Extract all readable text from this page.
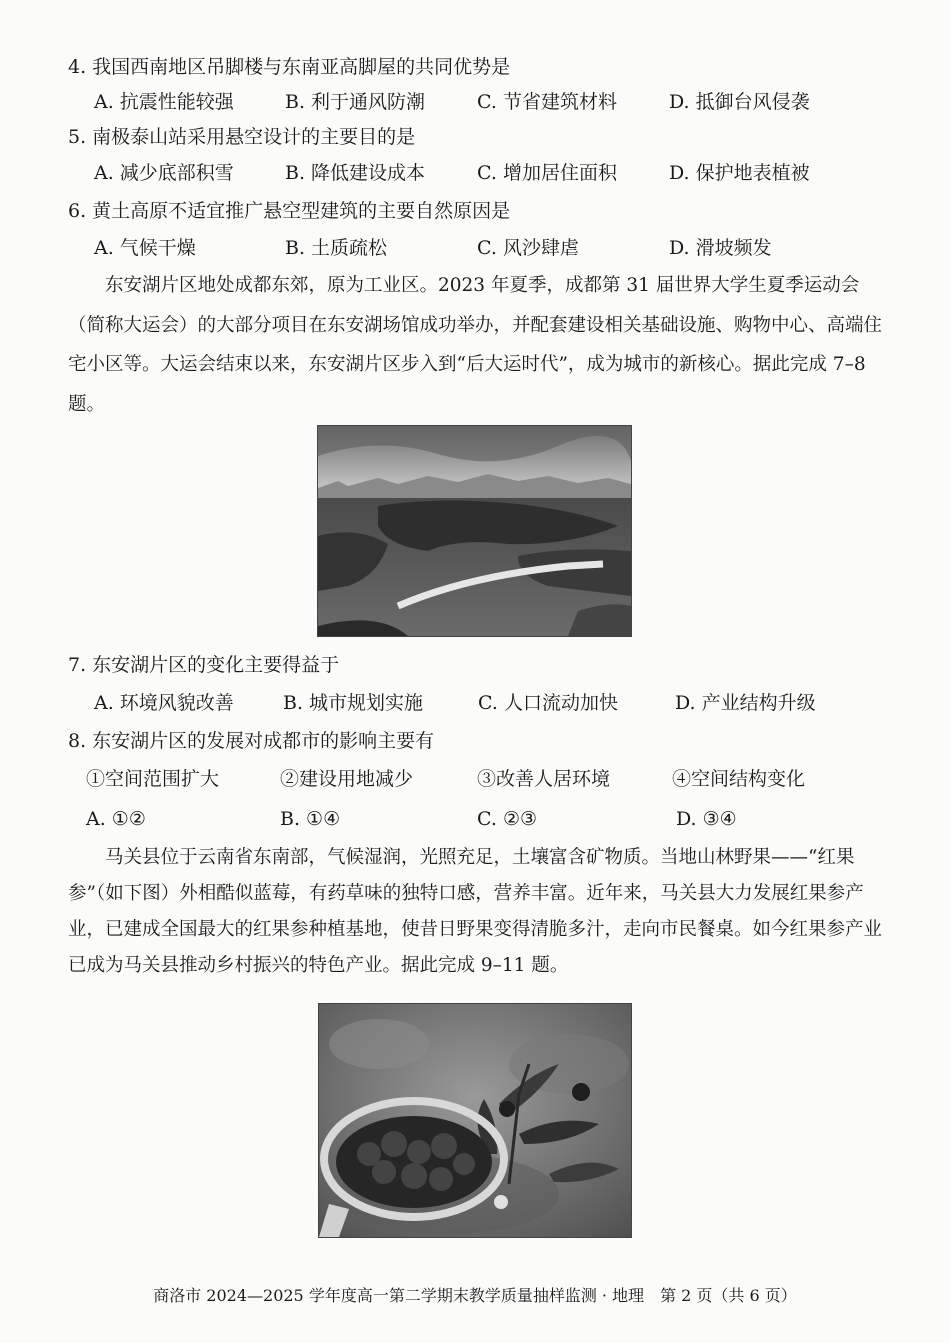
4. 我国西南地区吊脚楼与东南亚高脚屋的共同优势是
A. 抗震性能较强	B. 利于通风防潮	C. 节省建筑材料	D. 抵御台风侵袭
5. 南极泰山站采用悬空设计的主要目的是
A. 减少底部积雪	B. 降低建设成本	C. 增加居住面积	D. 保护地表植被
6. 黄土高原不适宜推广悬空型建筑的主要自然原因是
A. 气候干燥	B. 土质疏松	C. 风沙肆虐	D. 滑坡频发
东安湖片区地处成都东郊，原为工业区。2023 年夏季，成都第 31 届世界大学生夏季运动会（简称大运会）的大部分项目在东安湖场馆成功举办，并配套建设相关基础设施、购物中心、高端住宅小区等。大运会结束以来，东安湖片区步入到“后大运时代”，成为城市的新核心。据此完成 7–8 题。
7. 东安湖片区的变化主要得益于
A. 环境风貌改善	B. 城市规划实施	C. 人口流动加快	D. 产业结构升级
8. 东安湖片区的发展对成都市的影响主要有
①空间范围扩大	②建设用地减少	③改善人居环境	④空间结构变化
A. ①②	B. ①④	C. ②③	D. ③④
马关县位于云南省东南部，气候湿润，光照充足，土壤富含矿物质。当地山林野果——“红果参”（如下图）外相酷似蓝莓，有药草味的独特口感，营养丰富。近年来，马关县大力发展红果参产业，已建成全国最大的红果参种植基地，使昔日野果变得清脆多汁，走向市民餐桌。如今红果参产业已成为马关县推动乡村振兴的特色产业。据此完成 9–11 题。
商洛市 2024—2025 学年度高一第二学期末教学质量抽样监测 · 地理　第 2 页（共 6 页）
